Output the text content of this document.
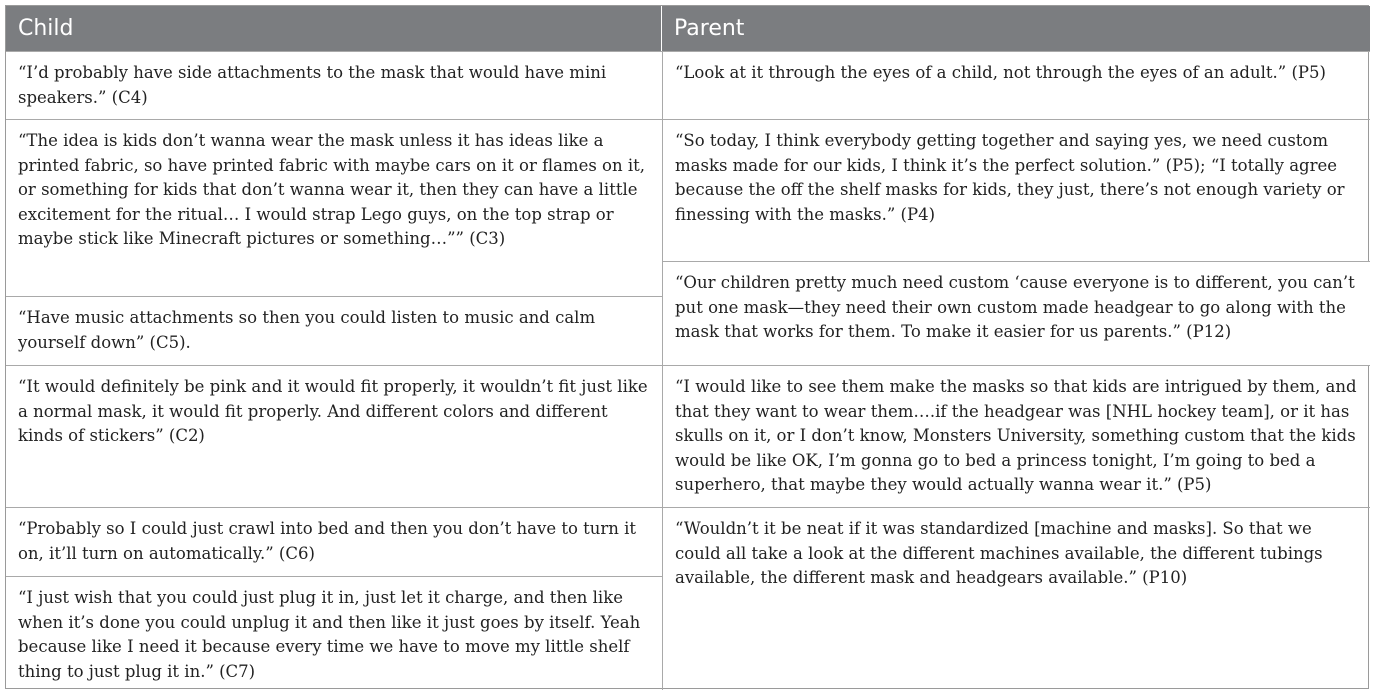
Child	Parent
“I’d probably have side attachments to the mask that would have mini speakers.” (C4)
“The idea is kids don’t wanna wear the mask unless it has ideas like a printed fabric, so have printed fabric with maybe cars on it or flames on it, or something for kids that don’t wanna wear it, then they can have a little excitement for the ritual… I would strap Lego guys, on the top strap or maybe stick like Minecraft pictures or something…”” (C3)
“Have music attachments so then you could listen to music and calm yourself down” (C5).
“It would definitely be pink and it would fit properly, it wouldn’t fit just like a normal mask, it would fit properly. And different colors and different kinds of stickers” (C2)
“Probably so I could just crawl into bed and then you don’t have to turn it on, it’ll turn on automatically.” (C6)
“I just wish that you could just plug it in, just let it charge, and then like when it’s done you could unplug it and then like it just goes by itself. Yeah because like I need it because every time we have to move my little shelf thing to just plug it in.” (C7)
“Look at it through the eyes of a child, not through the eyes of an adult.” (P5)
“So today, I think everybody getting together and saying yes, we need custom masks made for our kids, I think it’s the perfect solution.” (P5); “I totally agree because the off the shelf masks for kids, they just, there’s not enough variety or finessing with the masks.” (P4)
“Our children pretty much need custom ‘cause everyone is to different, you can’t put one mask—they need their own custom made headgear to go along with the mask that works for them. To make it easier for us parents.” (P12)
“I would like to see them make the masks so that kids are intrigued by them, and that they want to wear them….if the headgear was [NHL hockey team], or it has skulls on it, or I don’t know, Monsters University, something custom that the kids would be like OK, I’m gonna go to bed a princess tonight, I’m going to bed a superhero, that maybe they would actually wanna wear it.” (P5)
“Wouldn’t it be neat if it was standardized [machine and masks]. So that we could all take a look at the different machines available, the different tubings available, the different mask and headgears available.” (P10)
